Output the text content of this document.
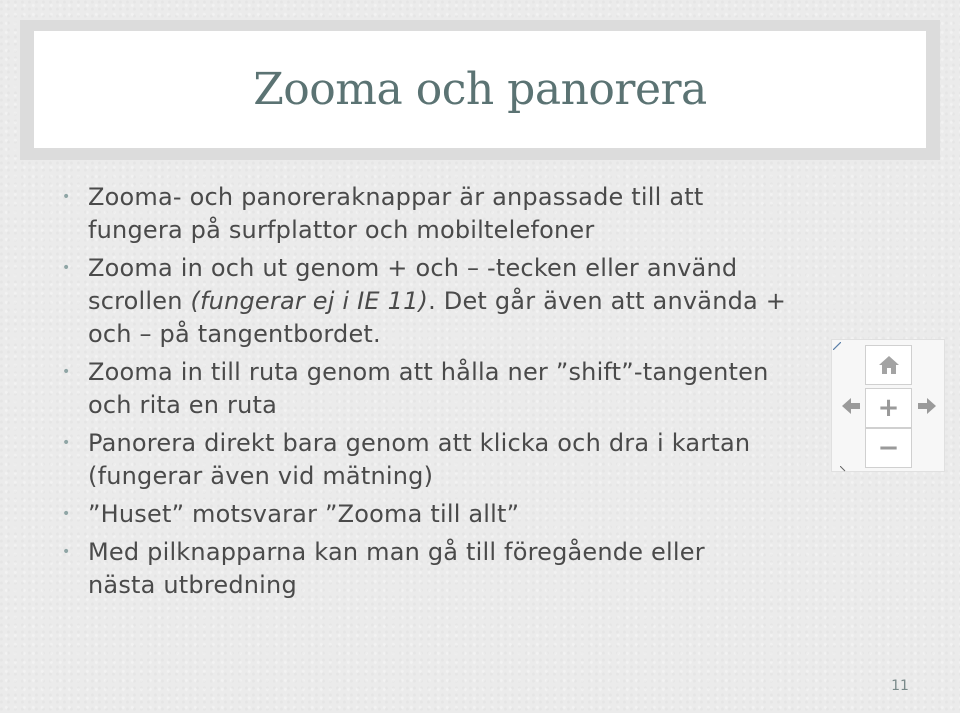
Zooma och panorera
• Zooma- och panoreraknappar är anpassade till att
fungera på surfplattor och mobiltelefoner
• Zooma in och ut genom + och – -tecken eller använd
scrollen (fungerar ej i IE 11). Det går även att använda +
och – på tangentbordet.
• Zooma in till ruta genom att hålla ner ”shift”-tangenten
och rita en ruta
• Panorera direkt bara genom att klicka och dra i kartan
(fungerar även vid mätning)
• ”Huset” motsvarar ”Zooma till allt”
• Med pilknapparna kan man gå till föregående eller
nästa utbredning
+
−
11
